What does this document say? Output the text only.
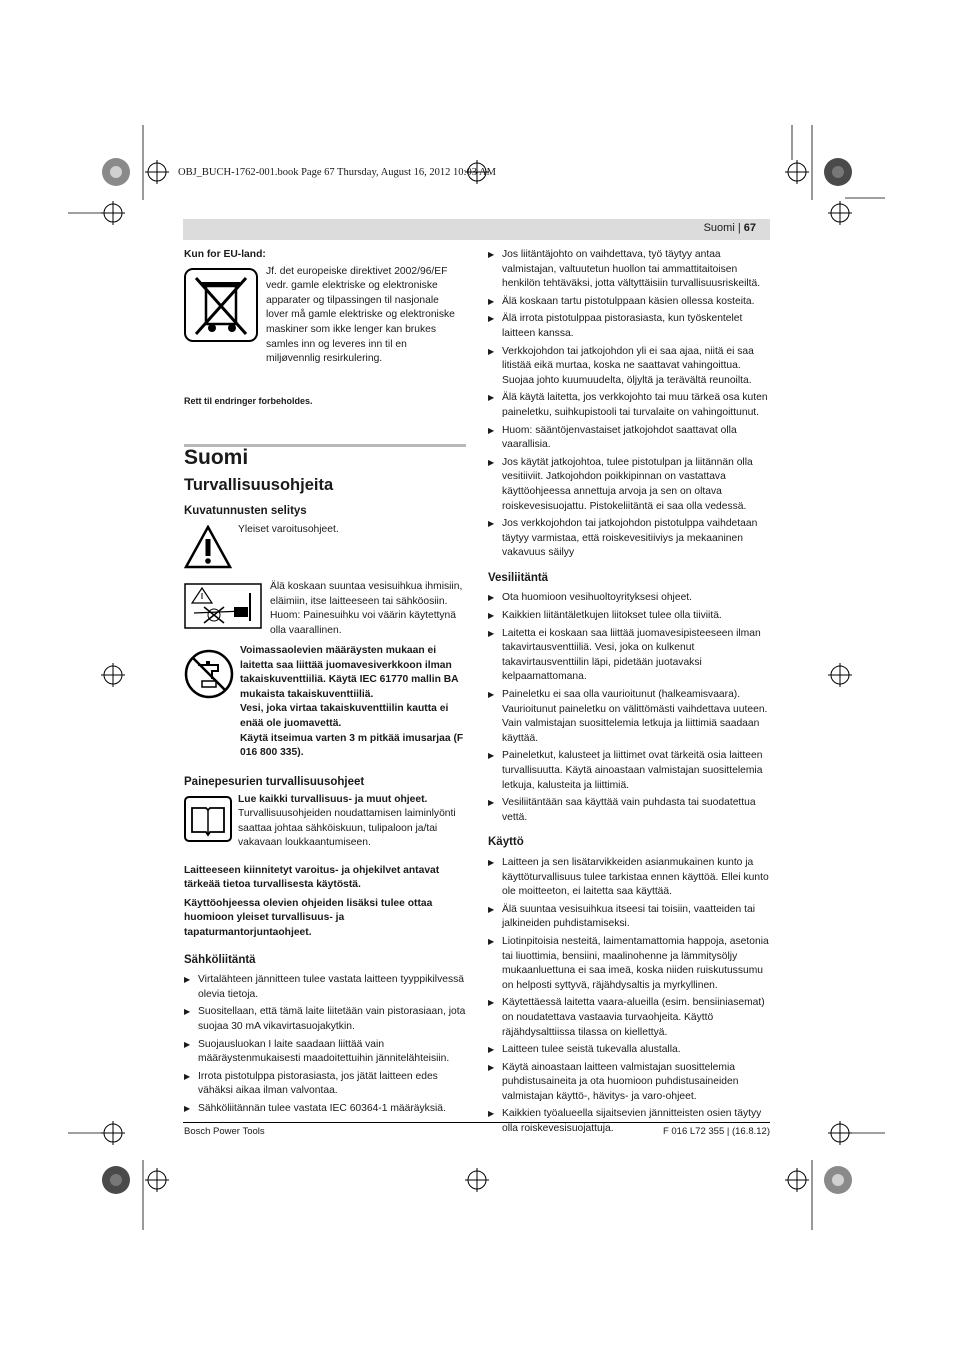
OBJ_BUCH-1762-001.book Page 67 Thursday, August 16, 2012 10:03 AM
Suomi | 67

Kun for EU-land:

Jf. det europeiske direktivet 2002/96/EF vedr. gamle elektriske og elektroniske apparater og tilpassingen til nasjonale lover må gamle elektriske og elektroniske maskiner som ikke lenger kan brukes samles inn og leveres inn til en miljøvennlig resirkulering.

Rett til endringer forbeholdes.

Suomi

Turvallisuusohjeita

Kuvatunnusten selitys

Yleiset varoitusohjeet.

Älä koskaan suuntaa vesisuihkua ihmisiin, eläimiin, itse laitteeseen tai sähköosiin. Huom: Painesuihku voi väärin käytettynä olla vaarallinen.

Voimassaolevien määräysten mukaan ei laitetta saa liittää juomavesiverkkoon ilman takaiskuventtiiliä. Käytä IEC 61770 mallin BA mukaista takaiskuventtiiliä.

Vesi, joka virtaa takaiskuventtiilin kautta ei enää ole juomavettä.

Käytä itseimua varten 3 m pitkää imusarjaa (F 016 800 335).

Painepesurien turvallisuusohjeet

Lue kaikki turvallisuus- ja muut ohjeet. Turvallisuusohjeiden noudattamisen laiminlyönti saattaa johtaa sähköiskuun, tulipaloon ja/tai vakavaan loukkaantumiseen.

Laitteeseen kiinnitetyt varoitus- ja ohjekilvet antavat tärkeää tietoa turvallisesta käytöstä.

Käyttöohjeessa olevien ohjeiden lisäksi tulee ottaa huomioon yleiset turvallisuus- ja tapaturmantorjuntaohjeet.

Sähköliitäntä

▶ Virtalähteen jännitteen tulee vastata laitteen tyyppikilvessä olevia tietoja.
▶ Suositellaan, että tämä laite liitetään vain pistorasiaan, jota suojaa 30 mA vikavirtasuojakytkin.
▶ Suojausluokan I laite saadaan liittää vain määräystenmukaisesti maadoitettuihin jännitelähteisiin.
▶ Irrota pistotulppa pistorasiasta, jos jätät laitteen edes vähäksi aikaa ilman valvontaa.
▶ Sähköliitännän tulee vastata IEC 60364-1 määräyksiä.
▶ Jos liitäntäjohto on vaihdettava, työ täytyy antaa valmistajan, valtuutetun huollon tai ammattitaitoisen henkilön tehtäväksi, jotta vältyttäisiin turvallisuusriskeiltä.
▶ Älä koskaan tartu pistotulppaan käsien ollessa kosteita.
▶ Älä irrota pistotulppaa pistorasiasta, kun työskentelet laitteen kanssa.
▶ Verkkojohdon tai jatkojohdon yli ei saa ajaa, niitä ei saa litistää eikä murtaa, koska ne saattavat vahingoittua. Suojaa johto kuumuudelta, öljyltä ja terävältä reunoilta.
▶ Älä käytä laitetta, jos verkkojohto tai muu tärkeä osa kuten paineletku, suihkupistooli tai turvalaite on vahingoittunut.
▶ Huom: sääntöjenvastaiset jatkojohdot saattavat olla vaarallisia.
▶ Jos käytät jatkojohtoa, tulee pistotulpan ja liitännän olla vesitiiviit. Jatkojohdon poikkipinnan on vastattava käyttöohjeessa annettuja arvoja ja sen on oltava roiskevesisuojattu. Pistokeliitäntä ei saa olla vedessä.
▶ Jos verkkojohdon tai jatkojohdon pistotulppa vaihdetaan täytyy varmistaa, että roiskevesitiiviys ja mekaaninen vakavuus säilyy

Vesiliitäntä

▶ Ota huomioon vesihuoltoyrityksesi ohjeet.
▶ Kaikkien liitäntäletkujen liitokset tulee olla tiiviitä.
▶ Laitetta ei koskaan saa liittää juomavesipisteeseen ilman takavirtausventtiiliä. Vesi, joka on kulkenut takavirtausventtiilin läpi, pidetään juotavaksi kelpaamattomana.
▶ Paineletku ei saa olla vaurioitunut (halkeamisvaara). Vaurioitunut paineletku on välittömästi vaihdettava uuteen. Vain valmistajan suosittelemia letkuja ja liittimiä saadaan käyttää.
▶ Paineletkut, kalusteet ja liittimet ovat tärkeitä osia laitteen turvallisuutta. Käytä ainoastaan valmistajan suosittelemia letkuja, kalusteita ja liittimiä.
▶ Vesiliitäntään saa käyttää vain puhdasta tai suodatettua vettä.

Käyttö

▶ Laitteen ja sen lisätarvikkeiden asianmukainen kunto ja käyttöturvallisuus tulee tarkistaa ennen käyttöä. Ellei kunto ole moitteeton, ei laitetta saa käyttää.
▶ Älä suuntaa vesisuihkua itseesi tai toisiin, vaatteiden tai jalkineiden puhdistamiseksi.
▶ Liotinpitoisia nesteitä, laimentamattomia happoja, asetonia tai liuottimia, bensiini, maalinohenne ja lämmitysöljy mukaanluettuna ei saa imeä, koska niiden ruiskutussumu on helposti syttyvä, räjähdysaltis ja myrkyllinen.
▶ Käytettäessä laitetta vaara-alueilla (esim. bensiiniasemat) on noudatettava vastaavia turvaohjeita. Käyttö räjähdysalttiissa tilassa on kiellettyä.
▶ Laitteen tulee seistä tukevalla alustalla.
▶ Käytä ainoastaan laitteen valmistajan suosittelemia puhdistusaineita ja ota huomioon puhdistusaineiden valmistajan käyttö-, hävitys- ja varo-ohjeet.
▶ Kaikkien työalueella sijaitsevien jännitteisten osien täytyy olla roiskevesisuojattuja.
Bosch Power Tools	F 016 L72 355 | (16.8.12)
